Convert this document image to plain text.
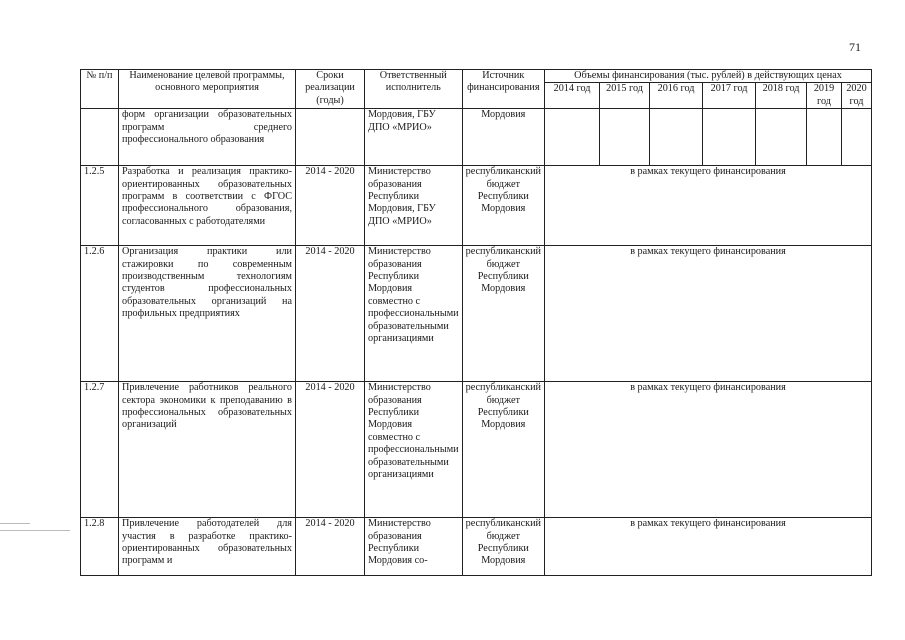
71
№ п/п	Наименование целевой программы, основного мероприятия	Сроки реализации (годы)	Ответственный исполнитель	Источник финансирования	Объемы финансирования (тыс. рублей) в действующих ценах						
					2014 год	2015 год	2016 год	2017 год	2018 год	2019 год	2020 год
	форм организации образовательных программ среднего профессионального образования		Мордовия, ГБУ ДПО «МРИО»	Мордовия							
1.2.5	Разработка и реализация практико-ориентированных образовательных программ в соответствии с ФГОС профессионального образования, согласованных с работодателями	2014 - 2020	Министерство образования Республики Мордовия, ГБУ ДПО «МРИО»	республиканский бюджет Республики Мордовия	в рамках текущего финансирования						
1.2.6	Организация практики или стажировки по современным производственным технологиям студентов профессиональных образовательных организаций на профильных предприятиях	2014 - 2020	Министерство образования Республики Мордовия совместно с профессиональными образовательными организациями	республиканский бюджет Республики Мордовия	в рамках текущего финансирования						
1.2.7	Привлечение работников реального сектора экономики к преподаванию в профессиональных образовательных организаций	2014 - 2020	Министерство образования Республики Мордовия совместно с профессиональными образовательными организациями	республиканский бюджет Республики Мордовия	в рамках текущего финансирования						
1.2.8	Привлечение работодателей для участия в разработке практико-ориентированных образовательных программ и	2014 - 2020	Министерство образования Республики Мордовия со-	республиканский бюджет Республики Мордовия	в рамках текущего финансирования						
